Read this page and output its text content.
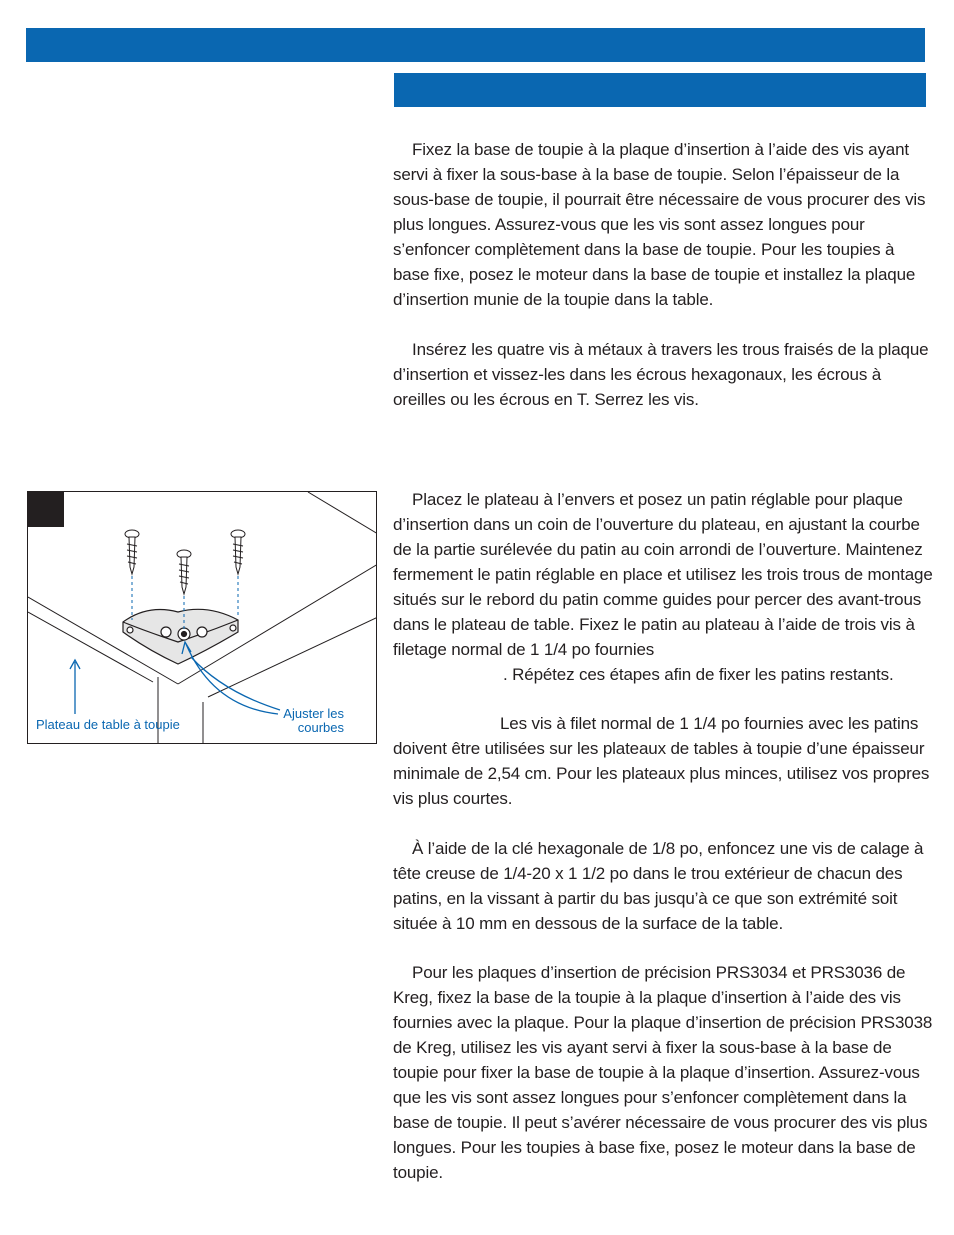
Fixez la base de toupie à la plaque d’insertion à l’aide des vis ayant servi à fixer la sous-base à la base de toupie. Selon l’épaisseur de la sous-base de toupie, il pourrait être nécessaire de vous procurer des vis plus longues. Assurez-vous que les vis sont assez longues pour s’enfoncer complètement dans la base de toupie. Pour les toupies à base fixe, posez le moteur dans la base de toupie et installez la plaque d’insertion munie de la toupie dans la table.

Insérez les quatre vis à métaux à travers les trous fraisés de la plaque d’insertion et vissez-les dans les écrous hexagonaux, les écrous à oreilles ou les écrous en T. Serrez les vis.

Placez le plateau à l’envers et posez un patin réglable pour plaque d’insertion dans un coin de l’ouverture du plateau, en ajustant la courbe de la partie surélevée du patin au coin arrondi de l’ouverture. Maintenez fermement le patin réglable en place et utilisez les trois trous de montage situés sur le rebord du patin comme guides pour percer des avant-trous dans le plateau de table. Fixez le patin au plateau à l’aide de trois vis à filetage normal de 1 1/4 po fournies

. Répétez ces étapes afin de fixer les patins restants.

Les vis à filet normal de 1 1/4 po fournies avec les patins doivent être utilisées sur les plateaux de tables à toupie d’une épaisseur minimale de 2,54 cm. Pour les plateaux plus minces, utilisez vos propres vis plus courtes.

À l’aide de la clé hexagonale de 1/8 po, enfoncez une vis de calage à tête creuse de 1/4-20 x 1 1/2 po dans le trou extérieur de chacun des patins, en la vissant à partir du bas jusqu’à ce que son extrémité soit située à 10 mm en dessous de la surface de la table.

Pour les plaques d’insertion de précision PRS3034 et PRS3036 de Kreg, fixez la base de la toupie à la plaque d’insertion à l’aide des vis fournies avec la plaque. Pour la plaque d’insertion de précision PRS3038 de Kreg, utilisez les vis ayant servi à fixer la sous-base à la base de toupie pour fixer la base de toupie à la plaque d’insertion. Assurez-vous que les vis sont assez longues pour s’enfoncer complètement dans la base de toupie. Il peut s’avérer nécessaire de vous procurer des vis plus longues. Pour les toupies à base fixe, posez le moteur dans la base de toupie.

Plateau de table à toupie
Ajuster les
courbes
